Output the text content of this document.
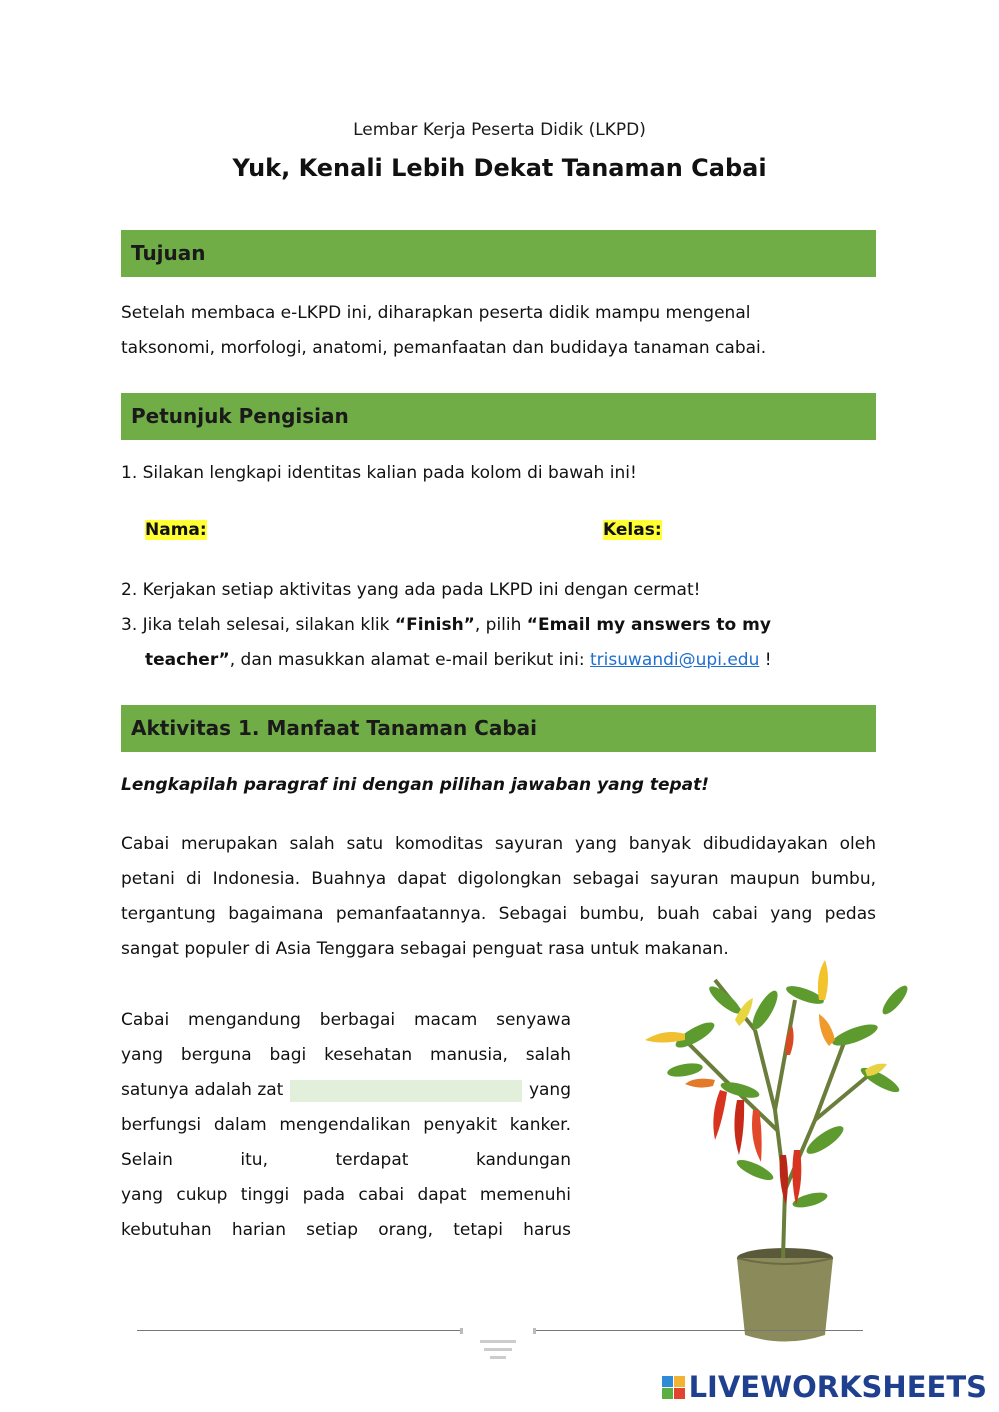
Lembar Kerja Peserta Didik (LKPD)
Yuk, Kenali Lebih Dekat Tanaman Cabai
Tujuan
Setelah membaca e-LKPD ini, diharapkan peserta didik mampu mengenal
taksonomi, morfologi, anatomi, pemanfaatan dan budidaya tanaman cabai.
Petunjuk Pengisian
1. Silakan lengkapi identitas kalian pada kolom di bawah ini!
Nama:	Kelas:
2. Kerjakan setiap aktivitas yang ada pada LKPD ini dengan cermat!
3. Jika telah selesai, silakan klik “Finish”, pilih “Email my answers to my
teacher”, dan masukkan alamat e-mail berikut ini: trisuwandi@upi.edu !
Aktivitas 1. Manfaat Tanaman Cabai
Lengkapilah paragraf ini dengan pilihan jawaban yang tepat!
Cabai merupakan salah satu komoditas sayuran yang banyak dibudidayakan oleh
petani di Indonesia. Buahnya dapat digolongkan sebagai sayuran maupun bumbu,
tergantung bagaimana pemanfaatannya. Sebagai bumbu, buah cabai yang pedas
sangat populer di Asia Tenggara sebagai penguat rasa untuk makanan.
Cabai mengandung berbagai macam senyawa
yang berguna bagi kesehatan manusia, salah
satunya adalah zat	yang
berfungsi dalam mengendalikan penyakit kanker.
Selain itu, terdapat kandungan
yang cukup tinggi pada cabai dapat memenuhi
kebutuhan harian setiap orang, tetapi harus
LIVEWORKSHEETS
